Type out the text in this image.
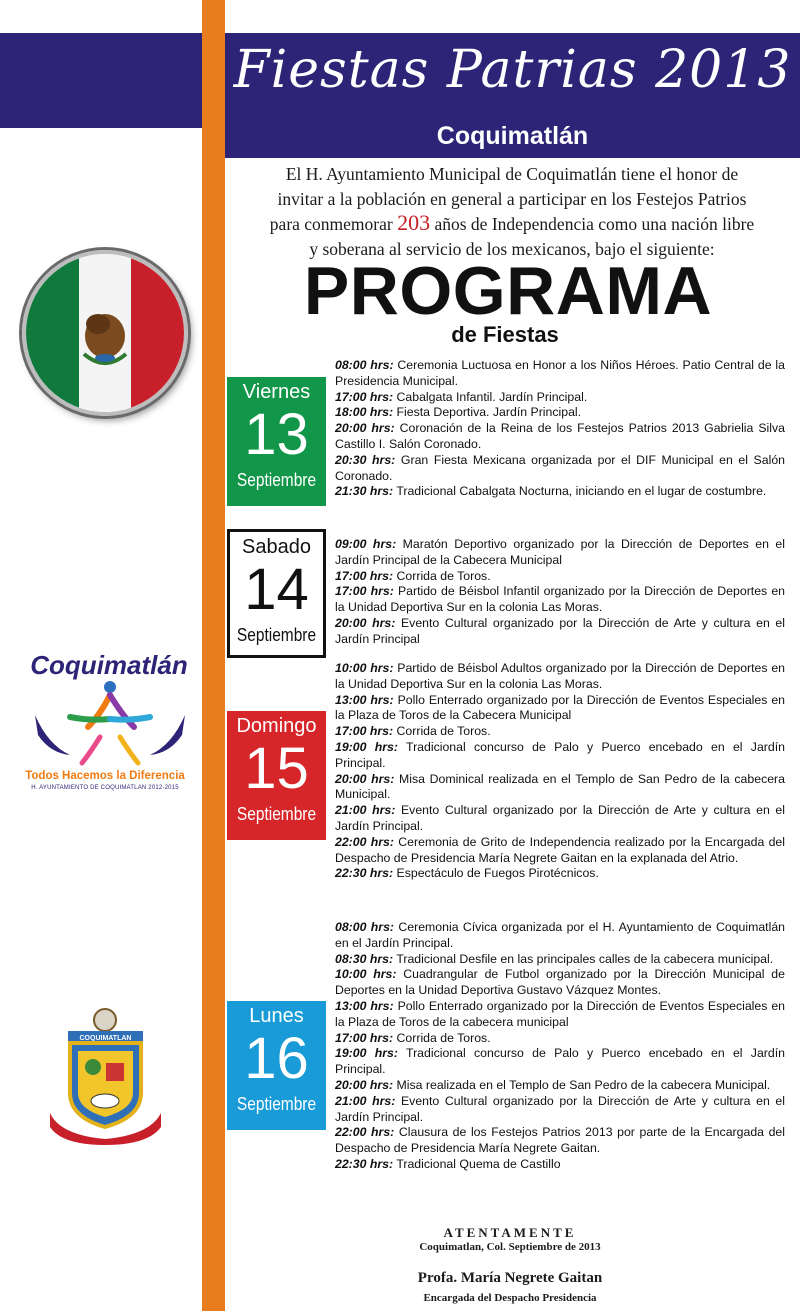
Fiestas Patrias 2013
Coquimatlán
El H. Ayuntamiento Municipal de Coquimatlán tiene el honor de
invitar a la población en general a participar en los Festejos Patrios
para conmemorar 203 años de Independencia como una nación libre
y soberana al servicio de los mexicanos, bajo el siguiente:
PROGRAMA
de Fiestas
Coquimatlán
Todos Hacemos la Diferencia
H. AYUNTAMIENTO DE COQUIMATLAN 2012-2015
COQUIMATLAN
Viernes
13
Septiembre

08:00 hrs: Ceremonia Luctuosa en Honor a los Niños Héroes. Patio Central de la Presidencia Municipal.

17:00 hrs: Cabalgata Infantil. Jardín Principal.

18:00 hrs: Fiesta Deportiva. Jardín Principal.

20:00 hrs: Coronación de la Reina de los Festejos Patrios 2013 Gabrielia Silva Castillo I. Salón Coronado.

20:30 hrs: Gran Fiesta Mexicana organizada por el DIF Municipal en el Salón Coronado.

21:30 hrs: Tradicional Cabalgata Nocturna, iniciando en el lugar de costumbre.

Sabado
14
Septiembre

09:00 hrs: Maratón Deportivo organizado por la Dirección de Deportes en el Jardín Principal de la Cabecera Municipal

17:00 hrs: Corrida de Toros.

17:00 hrs: Partido de Béisbol Infantil organizado por la Dirección de Deportes en la Unidad Deportiva Sur en la colonia Las Moras.

20:00 hrs: Evento Cultural organizado por la Dirección de Arte y cultura en el Jardín Principal

Domingo
15
Septiembre

10:00 hrs: Partido de Béisbol Adultos organizado por la Dirección de Deportes en la Unidad Deportiva Sur en la colonia Las Moras.

13:00 hrs: Pollo Enterrado organizado por la Dirección de Eventos Especiales en la Plaza de Toros de la Cabecera Municipal

17:00 hrs: Corrida de Toros.

19:00 hrs: Tradicional concurso de Palo y Puerco encebado en el Jardín Principal.

20:00 hrs: Misa Dominical realizada en el Templo de San Pedro de la cabecera Municipal.

21:00 hrs: Evento Cultural organizado por la Dirección de Arte y cultura en el Jardín Principal.

22:00 hrs: Ceremonia de Grito de Independencia realizado por la Encargada del Despacho de Presidencia María Negrete Gaitan en la explanada del Atrio.

22:30 hrs: Espectáculo de Fuegos Pirotécnicos.

Lunes
16
Septiembre

08:00 hrs: Ceremonia Cívica organizada por el H. Ayuntamiento de Coquimatlán en el Jardín Principal.

08:30 hrs: Tradicional Desfile en las principales calles de la cabecera municipal.

10:00 hrs: Cuadrangular de Futbol organizado por la Dirección Municipal de Deportes en la Unidad Deportiva Gustavo Vázquez Montes.

13:00 hrs: Pollo Enterrado organizado por la Dirección de Eventos Especiales en la Plaza de Toros de la cabecera municipal

17:00 hrs: Corrida de Toros.

19:00 hrs: Tradicional concurso de Palo y Puerco encebado en el Jardín Principal.

20:00 hrs: Misa realizada en el Templo de San Pedro de la cabecera Municipal.

21:00 hrs: Evento Cultural organizado por la Dirección de Arte y cultura en el Jardín Principal.

22:00 hrs: Clausura de los Festejos Patrios 2013 por parte de la Encargada del Despacho de Presidencia María Negrete Gaitan.

22:30 hrs: Tradicional Quema de Castillo

ATENTAMENTE
Coquimatlan, Col. Septiembre de 2013
Profa. María Negrete Gaitan
Encargada del Despacho Presidencia
